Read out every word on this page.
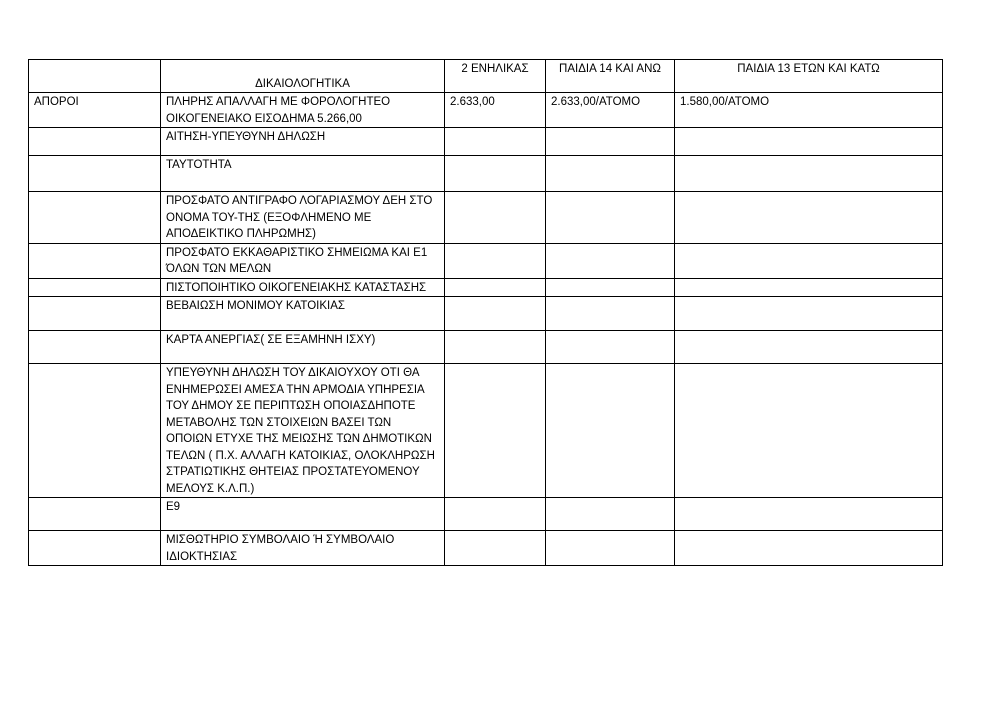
	ΔΙΚΑΙΟΛΟΓΗΤΙΚΑ	2 ΕΝΗΛΙΚΑΣ	ΠΑΙΔΙΑ 14 ΚΑΙ ΑΝΩ	ΠΑΙΔΙΑ 13 ΕΤΩΝ ΚΑΙ ΚΑΤΩ
ΑΠΟΡΟΙ	ΠΛΗΡΗΣ ΑΠΑΛΛΑΓΗ ΜΕ ΦΟΡΟΛΟΓΗΤΕΟ ΟΙΚΟΓΕΝΕΙΑΚΟ ΕΙΣΟΔΗΜΑ 5.266,00	2.633,00	2.633,00/ΑΤΟΜΟ	1.580,00/ΑΤΟΜΟ
	ΑΙΤΗΣΗ-ΥΠΕΥΘΥΝΗ ΔΗΛΩΣΗ			
	ΤΑΥΤΟΤΗΤΑ			
	ΠΡΟΣΦΑΤΟ ΑΝΤΙΓΡΑΦΟ ΛΟΓΑΡΙΑΣΜΟΥ ΔΕΗ ΣΤΟ ΟΝΟΜΑ ΤΟΥ-ΤΗΣ (ΕΞΟΦΛΗΜΕΝΟ ΜΕ ΑΠΟΔΕΙΚΤΙΚΟ ΠΛΗΡΩΜΗΣ)			
	ΠΡΟΣΦΑΤΟ ΕΚΚΑΘΑΡΙΣΤΙΚΟ ΣΗΜΕΙΩΜΑ ΚΑΙ Ε1 ΌΛΩΝ ΤΩΝ ΜΕΛΩΝ			
	ΠΙΣΤΟΠΟΙΗΤΙΚΟ ΟΙΚΟΓΕΝΕΙΑΚΗΣ ΚΑΤΑΣΤΑΣΗΣ			
	ΒΕΒΑΙΩΣΗ ΜΟΝΙΜΟΥ ΚΑΤΟΙΚΙΑΣ			
	ΚΑΡΤΑ ΑΝΕΡΓΙΑΣ( ΣΕ ΕΞΑΜΗΝΗ ΙΣΧΥ)			
	ΥΠΕΥΘΥΝΗ ΔΗΛΩΣΗ ΤΟΥ ΔΙΚΑΙΟΥΧΟΥ ΟΤΙ ΘΑ ΕΝΗΜΕΡΩΣΕΙ ΑΜΕΣΑ ΤΗΝ ΑΡΜΟΔΙΑ ΥΠΗΡΕΣΙΑ ΤΟΥ ΔΗΜΟΥ ΣΕ ΠΕΡΙΠΤΩΣΗ ΟΠΟΙΑΣΔΗΠΟΤΕ ΜΕΤΑΒΟΛΗΣ ΤΩΝ ΣΤΟΙΧΕΙΩΝ ΒΑΣΕΙ ΤΩΝ ΟΠΟΙΩΝ ΕΤΥΧΕ ΤΗΣ ΜΕΙΩΣΗΣ ΤΩΝ ΔΗΜΟΤΙΚΩΝ ΤΕΛΩΝ ( Π.Χ. ΑΛΛΑΓΗ ΚΑΤΟΙΚΙΑΣ, ΟΛΟΚΛΗΡΩΣΗ ΣΤΡΑΤΙΩΤΙΚΗΣ ΘΗΤΕΙΑΣ ΠΡΟΣΤΑΤΕΥΟΜΕΝΟΥ ΜΕΛΟΥΣ Κ.Λ.Π.)			
	Ε9			
	ΜΙΣΘΩΤΗΡΙΟ ΣΥΜΒΟΛΑΙΟ Ή ΣΥΜΒΟΛΑΙΟ ΙΔΙΟΚΤΗΣΙΑΣ			
